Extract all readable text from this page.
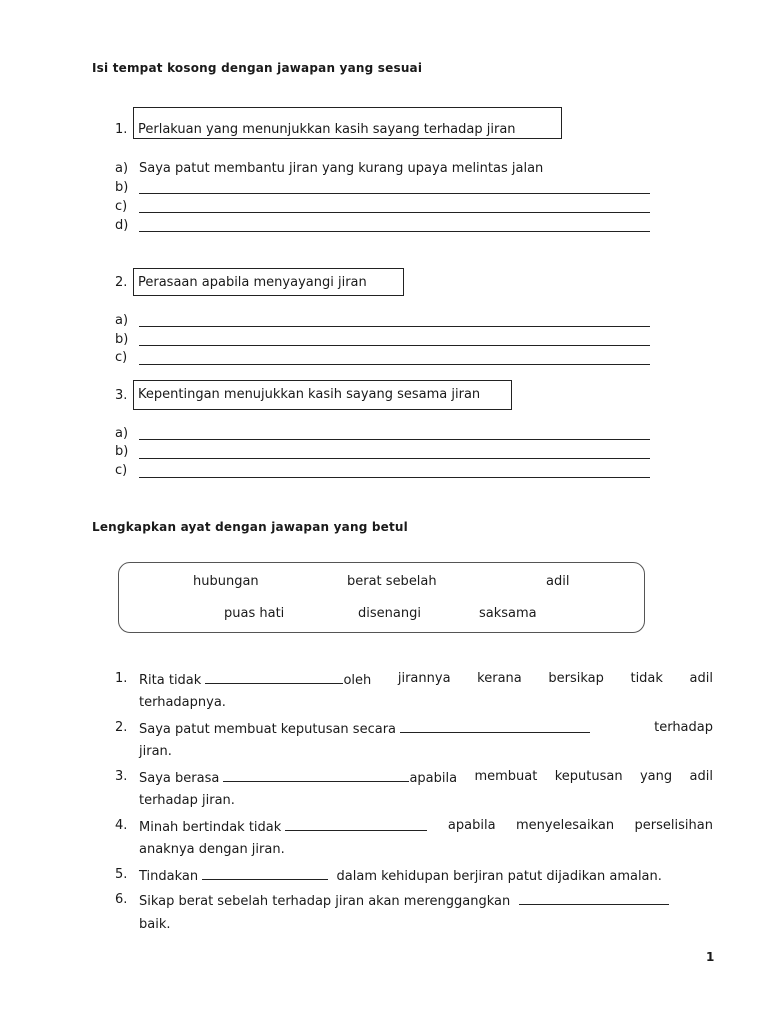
Isi tempat kosong dengan jawapan yang sesuai
1. Perlakuan yang menunjukkan kasih sayang terhadap jiran
a) Saya patut membantu jiran yang kurang upaya melintas jalan
b)
c)
d)
2. Perasaan apabila menyayangi jiran
a)
b)
c)
3. Kepentingan menujukkan kasih sayang sesama jiran
a)
b)
c)
Lengkapkan ayat dengan jawapan yang betul
hubungan	berat sebelah	adil
puas hati	disenangi	saksama
1. Rita tidak	oleh jirannya kerana bersikap tidak adil
terhadapnya.
2. Saya patut membuat keputusan secara	terhadap
jiran.
3. Saya berasa	apabila membuat keputusan yang adil
terhadap jiran.
4. Minah bertindak tidak	apabila menyelesaikan perselisihan
anaknya dengan jiran.
5. Tindakan	dalam kehidupan berjiran patut dijadikan amalan.
6. Sikap berat sebelah terhadap jiran akan merenggangkan
baik.
1
